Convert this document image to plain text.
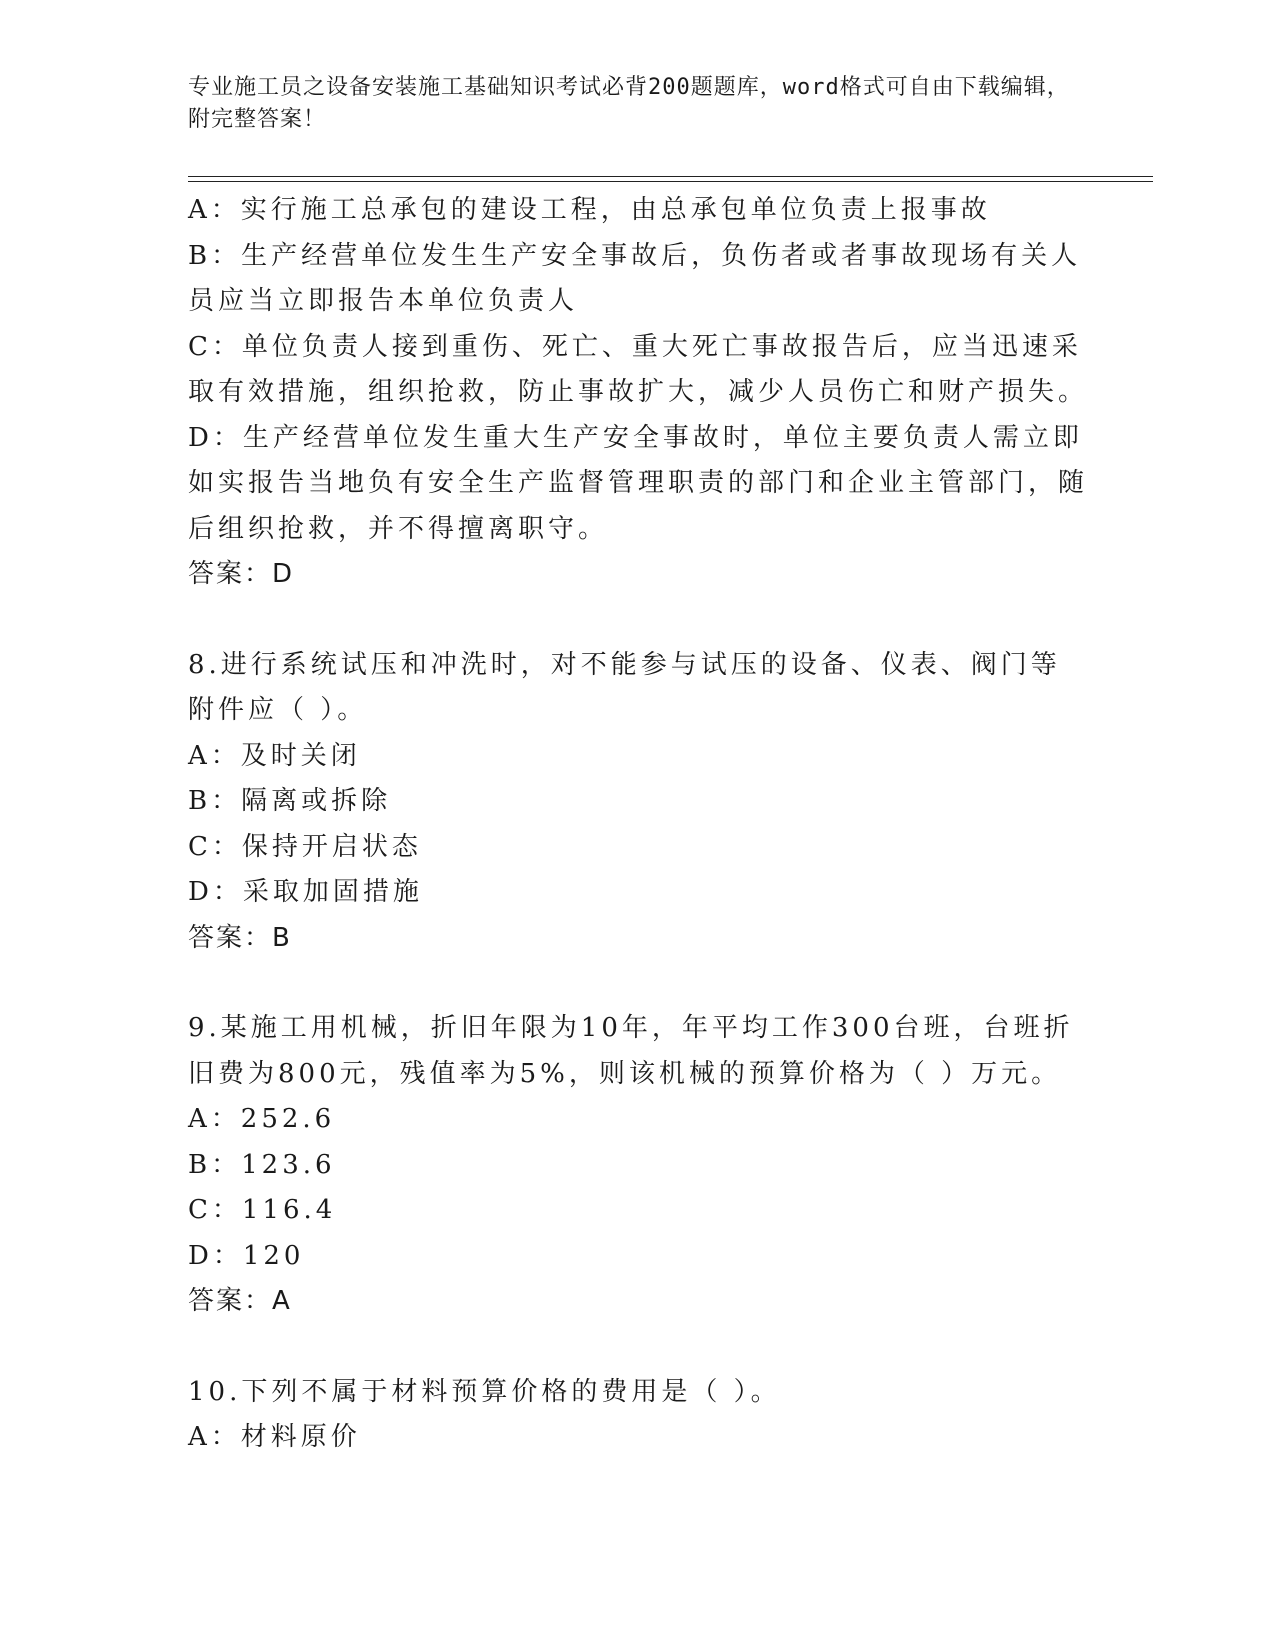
专业施工员之设备安装施工基础知识考试必背200题题库，word格式可自由下载编辑，附完整答案！

A：实行施工总承包的建设工程，由总承包单位负责上报事故

B：生产经营单位发生生产安全事故后，负伤者或者事故现场有关人员应当立即报告本单位负责人

C：单位负责人接到重伤、死亡、重大死亡事故报告后，应当迅速采取有效措施，组织抢救，防止事故扩大，减少人员伤亡和财产损失。

D：生产经营单位发生重大生产安全事故时，单位主要负责人需立即如实报告当地负有安全生产监督管理职责的部门和企业主管部门，随后组织抢救，并不得擅离职守。

答案：D

8.进行系统试压和冲洗时，对不能参与试压的设备、仪表、阀门等附件应（ ）。

A：及时关闭

B：隔离或拆除

C：保持开启状态

D：采取加固措施

答案：B

9.某施工用机械，折旧年限为10年，年平均工作300台班，台班折旧费为800元，残值率为5%，则该机械的预算价格为（ ）万元。

A：252.6

B：123.6

C：116.4

D：120

答案：A

10.下列不属于材料预算价格的费用是（ ）。

A：材料原价
